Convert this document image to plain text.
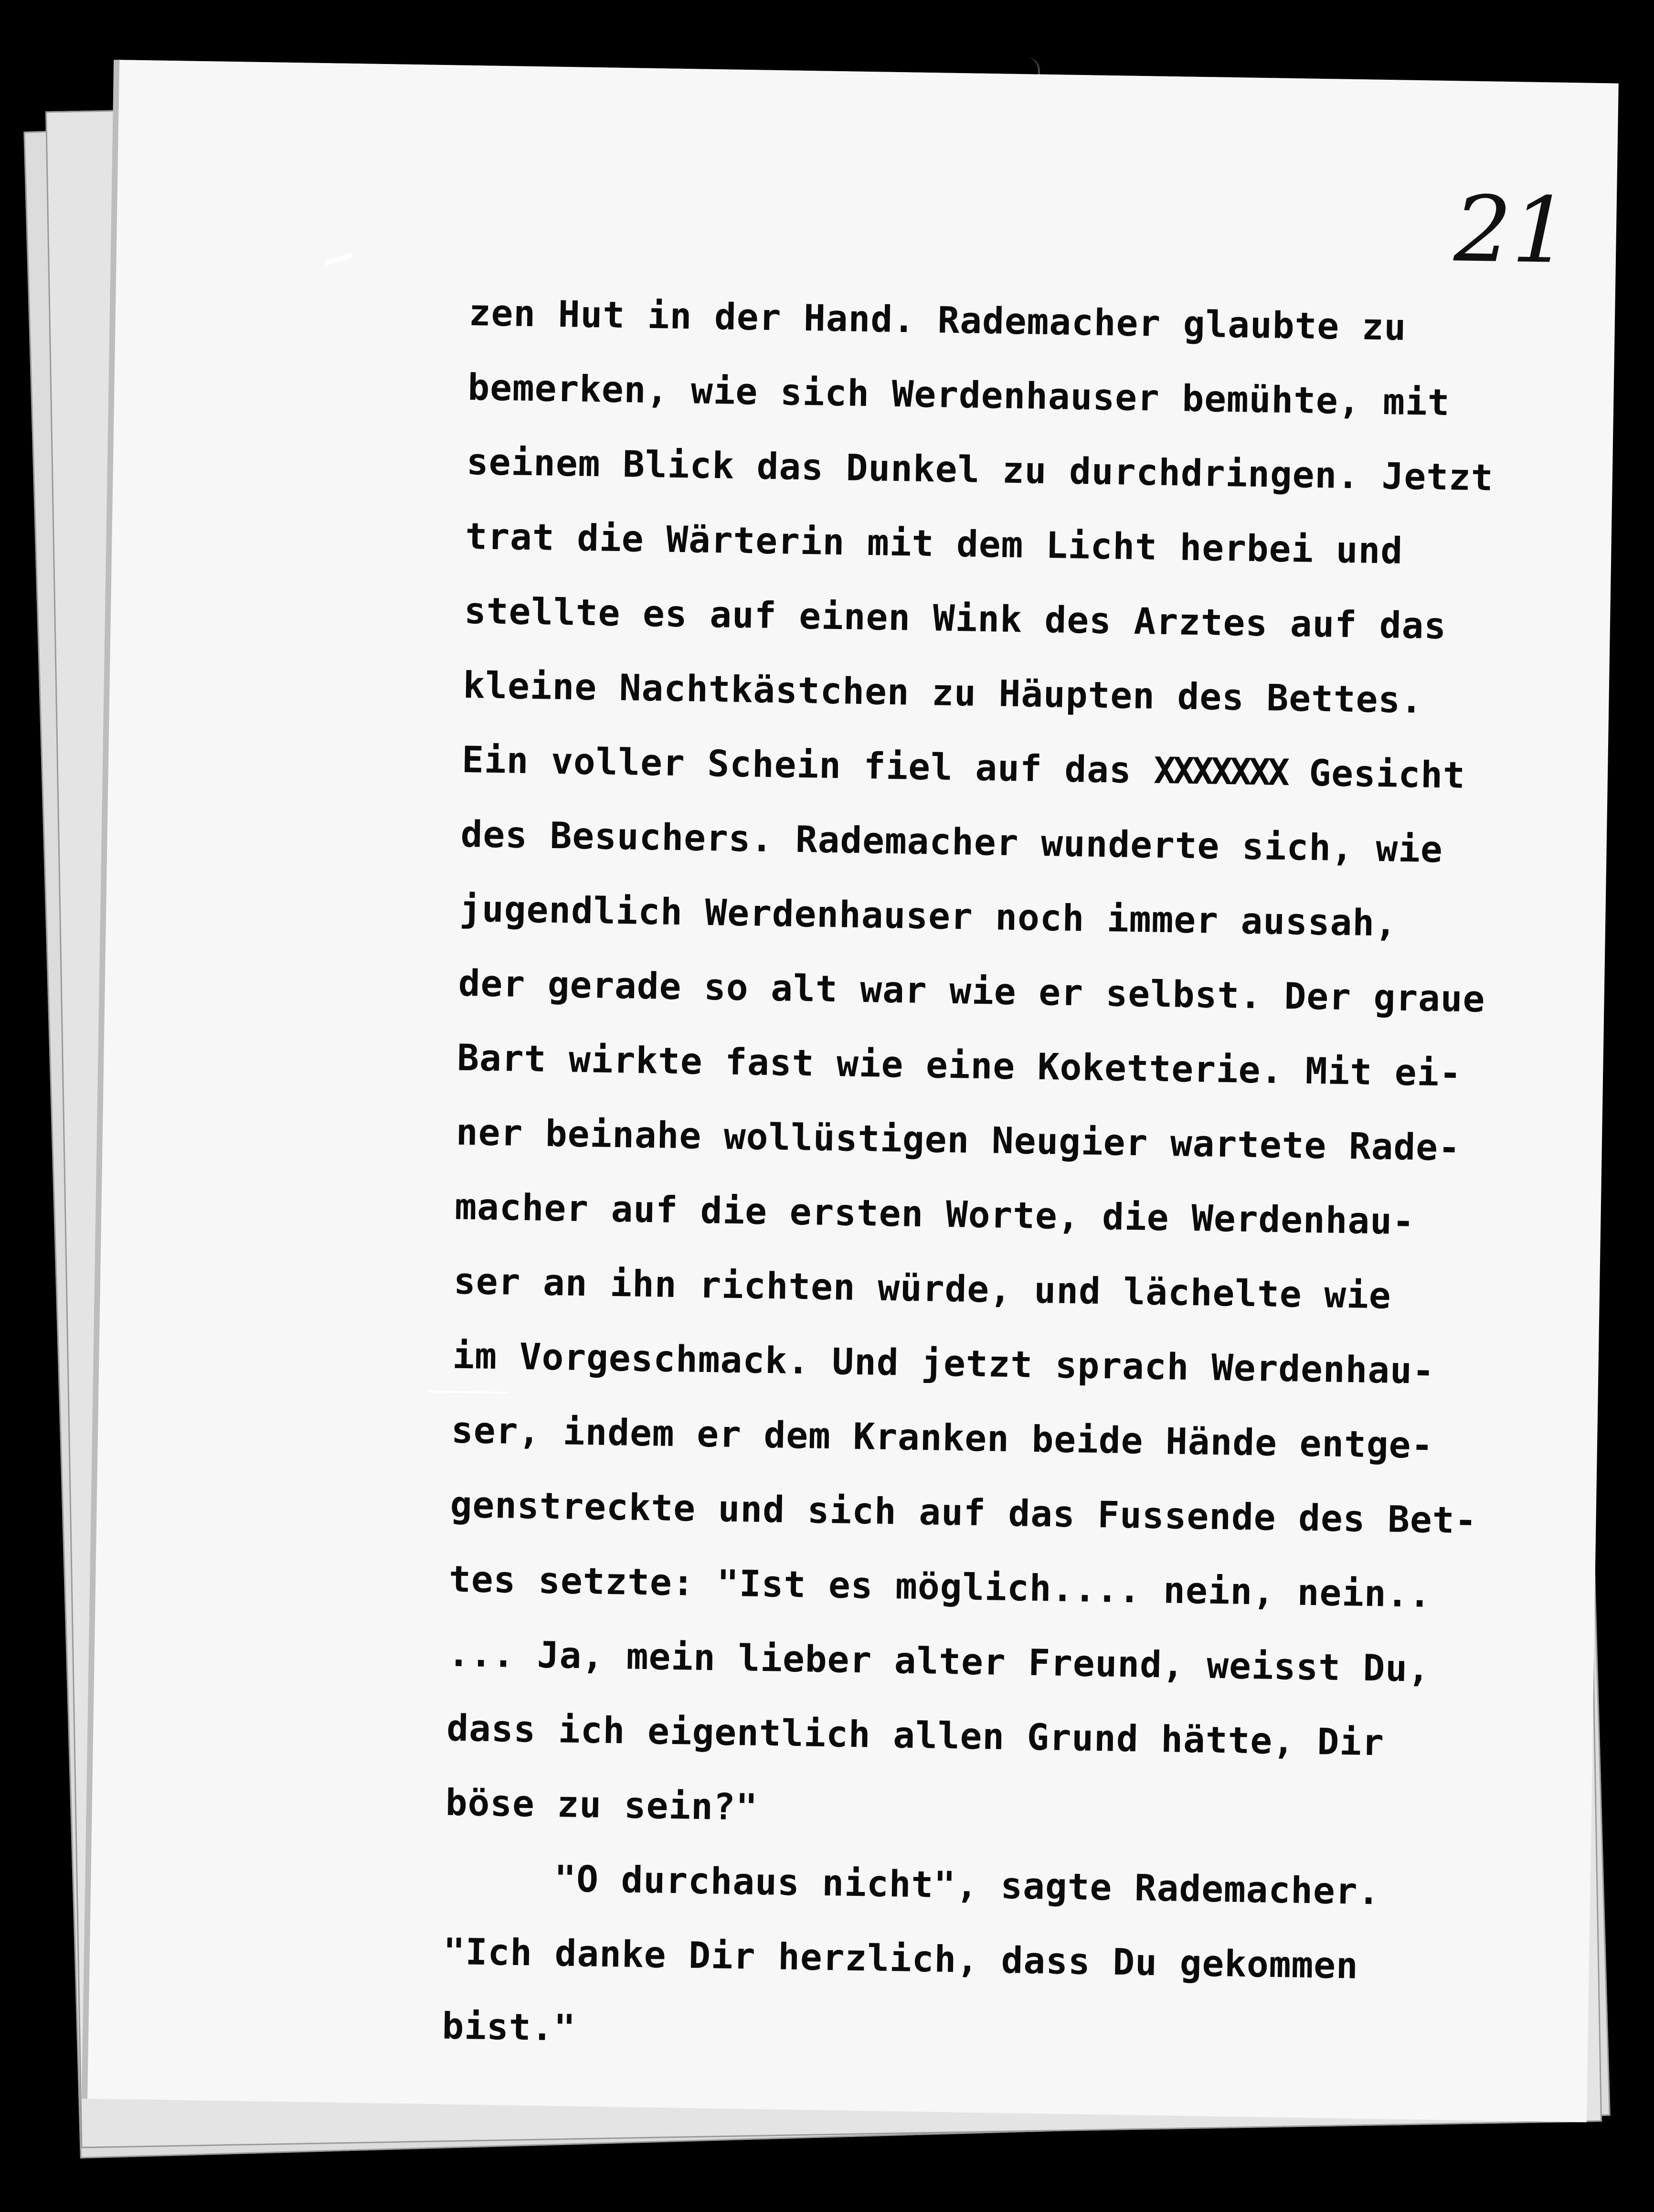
21
zen Hut in der Hand. Rademacher glaubte zu
bemerken, wie sich Werdenhauser bemühte, mit
seinem Blick das Dunkel zu durchdringen. Jetzt
trat die Wärterin mit dem Licht herbei und
stellte es auf einen Wink des Arztes auf das
kleine Nachtkästchen zu Häupten des Bettes.
Ein voller Schein fiel auf das XXXXXXX Gesicht
des Besuchers. Rademacher wunderte sich, wie
jugendlich Werdenhauser noch immer aussah,
der gerade so alt war wie er selbst. Der graue
Bart wirkte fast wie eine Koketterie. Mit ei-
ner beinahe wollüstigen Neugier wartete Rade-
macher auf die ersten Worte, die Werdenhau-
ser an ihn richten würde, und lächelte wie
im Vorgeschmack. Und jetzt sprach Werdenhau-
ser, indem er dem Kranken beide Hände entge-
genstreckte und sich auf das Fussende des Bet-
tes setzte: "Ist es möglich.... nein, nein..
... Ja, mein lieber alter Freund, weisst Du,
dass ich eigentlich allen Grund hätte, Dir
böse zu sein?"
"O durchaus nicht", sagte Rademacher.
"Ich danke Dir herzlich, dass Du gekommen
bist."
